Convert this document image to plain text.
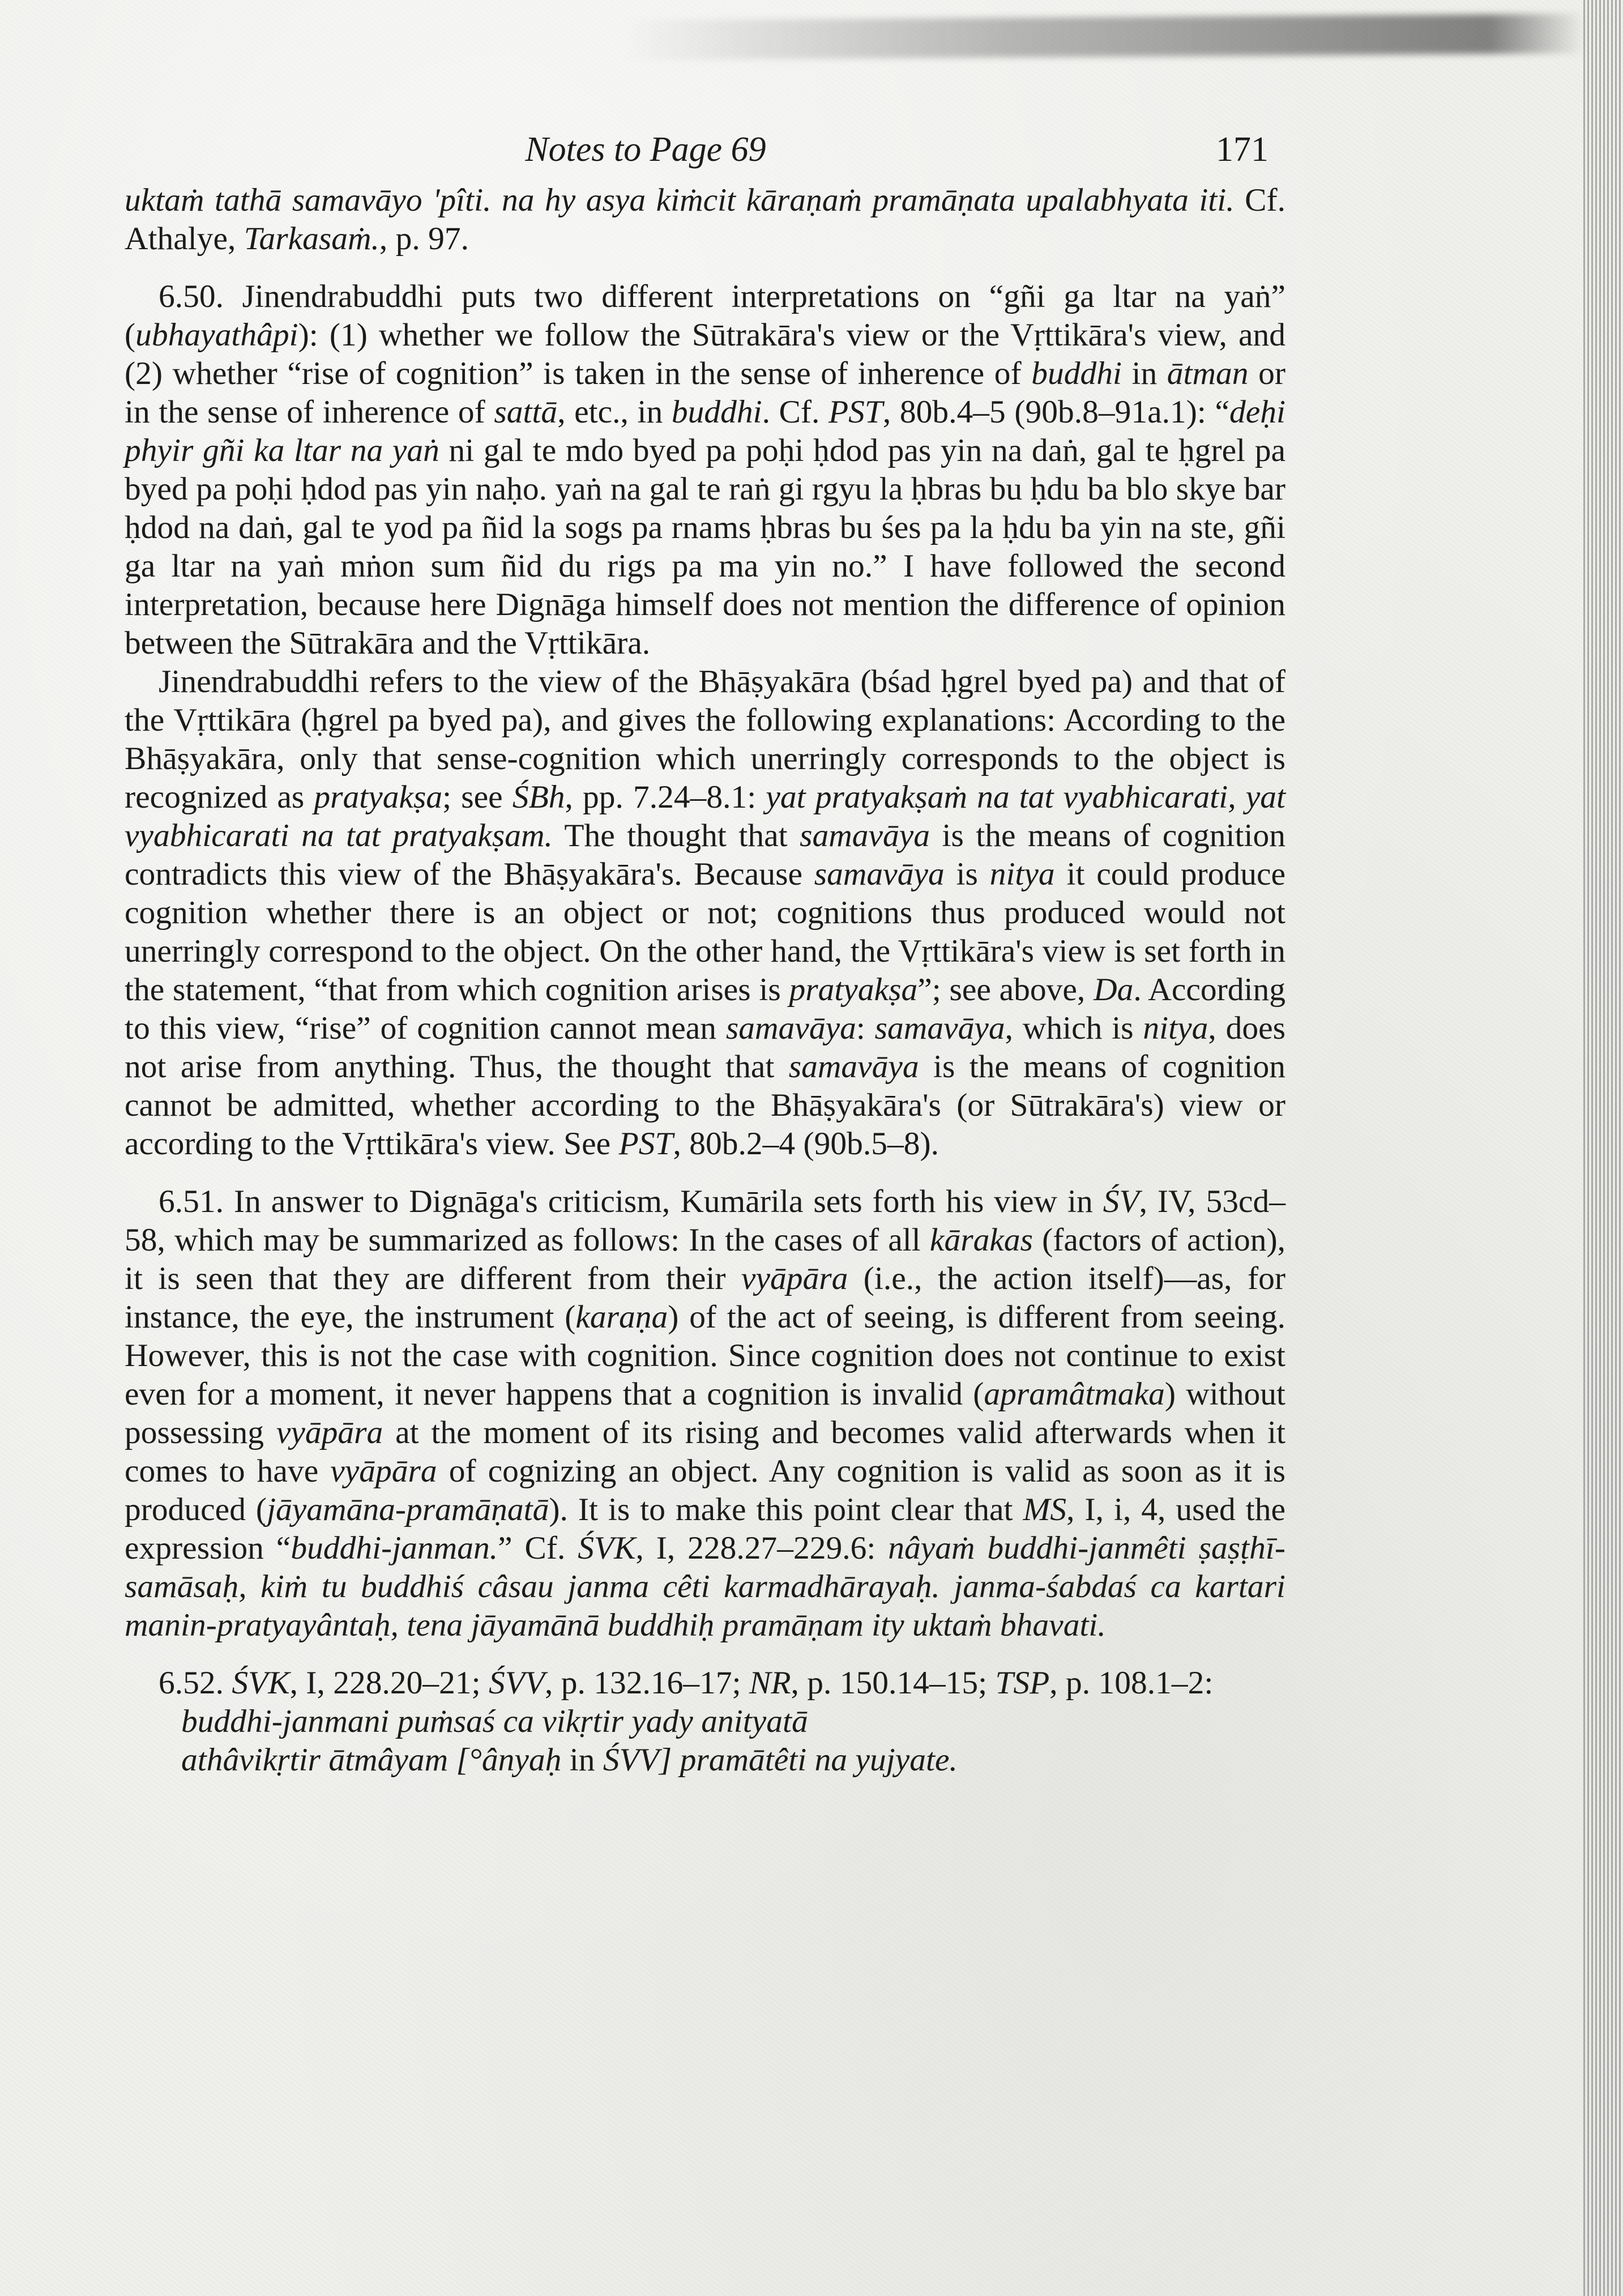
Notes to Page 69	171

uktaṁ tathā samavāyo 'pîti. na hy asya kiṁcit kāraṇaṁ pramāṇata upalabhyata iti. Cf. Athalye, Tarkasaṁ., p. 97.

6.50. Jinendrabuddhi puts two different interpretations on “gñi ga ltar na yaṅ” (ubhayathâpi): (1) whether we follow the Sūtrakāra's view or the Vṛttikāra's view, and (2) whether “rise of cognition” is taken in the sense of inherence of buddhi in ātman or in the sense of inherence of sattā, etc., in buddhi. Cf. PST, 80b.4–5 (90b.8–91a.1): “deḥi phyir gñi ka ltar na yaṅ ni gal te mdo byed pa poḥi ḥdod pas yin na daṅ, gal te ḥgrel pa byed pa poḥi ḥdod pas yin naḥo. yaṅ na gal te raṅ gi rgyu la ḥbras bu ḥdu ba blo skye bar ḥdod na daṅ, gal te yod pa ñid la sogs pa rnams ḥbras bu śes pa la ḥdu ba yin na ste, gñi ga ltar na yaṅ mṅon sum ñid du rigs pa ma yin no.” I have followed the second interpretation, because here Dignāga himself does not mention the difference of opinion between the Sūtrakāra and the Vṛttikāra.

Jinendrabuddhi refers to the view of the Bhāṣyakāra (bśad ḥgrel byed pa) and that of the Vṛttikāra (ḥgrel pa byed pa), and gives the following explanations: According to the Bhāṣyakāra, only that sense-cognition which unerringly corresponds to the object is recognized as pratyakṣa; see ŚBh, pp. 7.24–8.1: yat pratyakṣaṁ na tat vyabhicarati, yat vyabhicarati na tat pratyakṣam. The thought that samavāya is the means of cognition contradicts this view of the Bhāṣyakāra's. Because samavāya is nitya it could produce cognition whether there is an object or not; cognitions thus produced would not unerringly correspond to the object. On the other hand, the Vṛttikāra's view is set forth in the statement, “that from which cognition arises is pratyakṣa”; see above, Da. According to this view, “rise” of cognition cannot mean samavāya: samavāya, which is nitya, does not arise from anything. Thus, the thought that samavāya is the means of cognition cannot be admitted, whether according to the Bhāṣyakāra's (or Sūtrakāra's) view or according to the Vṛttikāra's view. See PST, 80b.2–4 (90b.5–8).

6.51. In answer to Dignāga's criticism, Kumārila sets forth his view in ŚV, IV, 53cd–58, which may be summarized as follows: In the cases of all kārakas (factors of action), it is seen that they are different from their vyāpāra (i.e., the action itself)—as, for instance, the eye, the instrument (karaṇa) of the act of seeing, is different from seeing. However, this is not the case with cognition. Since cognition does not continue to exist even for a moment, it never happens that a cognition is invalid (apramâtmaka) without possessing vyāpāra at the moment of its rising and becomes valid afterwards when it comes to have vyāpāra of cognizing an object. Any cognition is valid as soon as it is produced (jāyamāna-pramāṇatā). It is to make this point clear that MS, I, i, 4, used the expression “buddhi-janman.” Cf. ŚVK, I, 228.27–229.6: nâyaṁ buddhi-janmêti ṣaṣṭhī-samāsaḥ, kiṁ tu buddhiś câsau janma cêti karmadhārayaḥ. janma-śabdaś ca kartari manin-pratyayântaḥ, tena jāyamānā buddhiḥ pramāṇam ity uktaṁ bhavati.

6.52. ŚVK, I, 228.20–21; ŚVV, p. 132.16–17; NR, p. 150.14–15; TSP, p. 108.1–2:

buddhi-janmani puṁsaś ca vikṛtir yady anityatā
athâvikṛtir ātmâyam [°ânyaḥ in ŚVV] pramātêti na yujyate.
